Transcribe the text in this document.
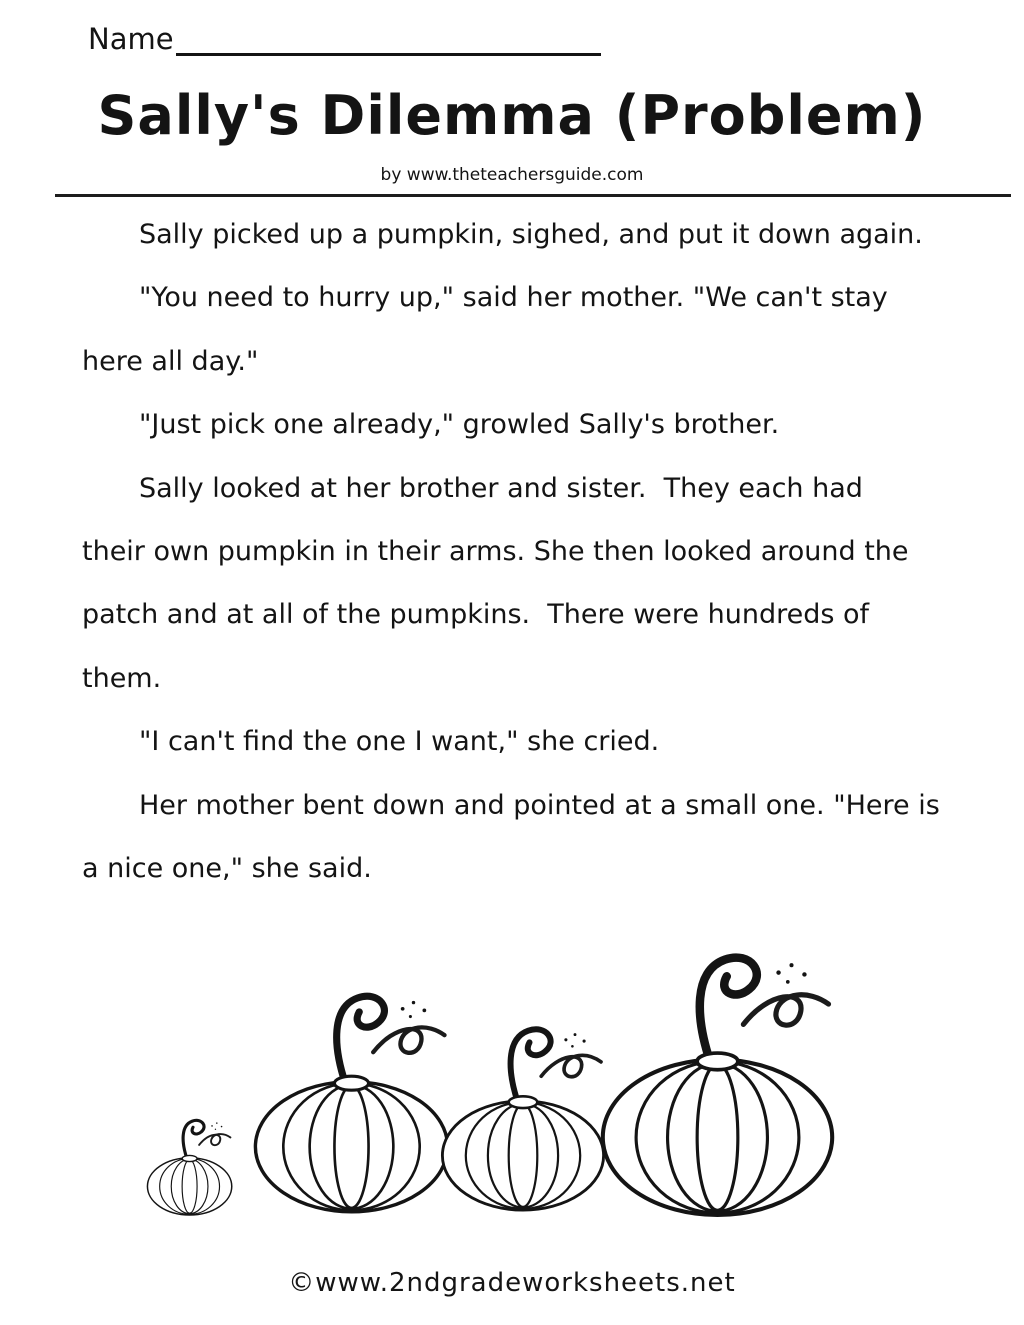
Name
Sally's Dilemma (Problem)
by www.theteachersguide.com
Sally picked up a pumpkin, sighed, and put it down again.
"You need to hurry up," said her mother. "We can't stay
here all day."
"Just pick one already," growled Sally's brother.
Sally looked at her brother and sister.  They each had
their own pumpkin in their arms. She then looked around the
patch and at all of the pumpkins.  There were hundreds of
them.
"I can't find the one I want," she cried.
Her mother bent down and pointed at a small one. "Here is
a nice one," she said.
©www.2ndgradeworksheets.net
